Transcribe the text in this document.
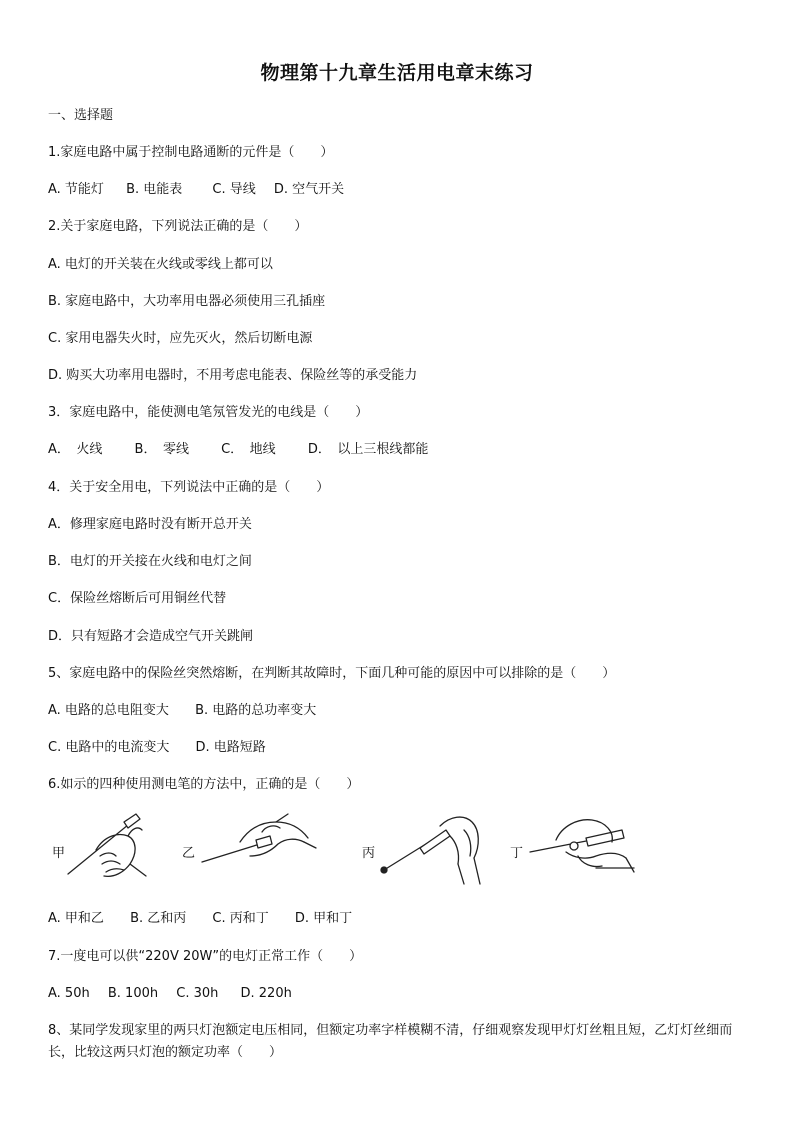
物理第十九章生活用电章末练习
一、选择题
1.家庭电路中属于控制电路通断的元件是（　　）
A. 节能灯 B. 电能表 C. 导线 D. 空气开关
2.关于家庭电路，下列说法正确的是（　　）
A. 电灯的开关装在火线或零线上都可以
B. 家庭电路中，大功率用电器必须使用三孔插座
C. 家用电器失火时，应先灭火，然后切断电源
D. 购买大功率用电器时，不用考虑电能表、保险丝等的承受能力
3．家庭电路中，能使测电笔氖管发光的电线是（　　）
A．　火线 B．　零线 C．　地线 D．　以上三根线都能
4．关于安全用电，下列说法中正确的是（　　）
A．修理家庭电路时没有断开总开关
B．电灯的开关接在火线和电灯之间
C．保险丝熔断后可用铜丝代替
D．只有短路才会造成空气开关跳闸
5、家庭电路中的保险丝突然熔断，在判断其故障时，下面几种可能的原因中可以排除的是（　　）
A. 电路的总电阻变大 B. 电路的总功率变大
C. 电路中的电流变大 D. 电路短路
6.如示的四种使用测电笔的方法中，正确的是（　　）
甲	乙	丙	丁
A. 甲和乙 B. 乙和丙 C. 丙和丁 D. 甲和丁
7.一度电可以供“220V 20W”的电灯正常工作（　　）
A. 50h B. 100h C. 30h D. 220h
8、某同学发现家里的两只灯泡额定电压相同，但额定功率字样模糊不清，仔细观察发现甲灯灯丝粗且短，乙灯灯丝细而长，比较这两只灯泡的额定功率（　　）
